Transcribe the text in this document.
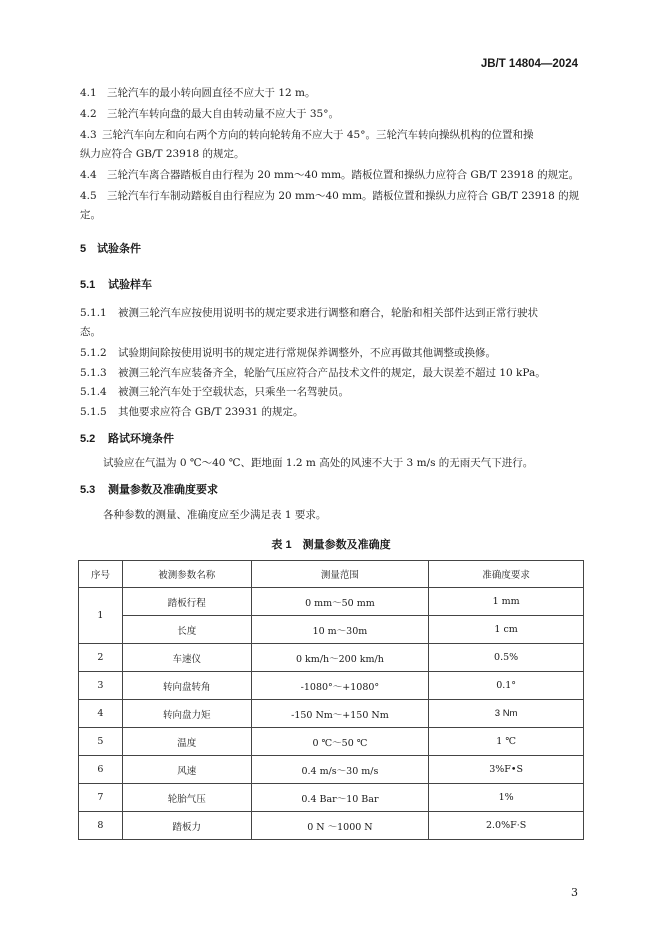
JB/T 14804—2024
4.1 三轮汽车的最小转向圆直径不应大于 12 m。
4.2 三轮汽车转向盘的最大自由转动量不应大于 35°。
4.3 三轮汽车向左和向右两个方向的转向轮转角不应大于 45°。三轮汽车转向操纵机构的位置和操
纵力应符合 GB/T 23918 的规定。
4.4 三轮汽车离合器踏板自由行程为 20 mm～40 mm。踏板位置和操纵力应符合 GB/T 23918 的规定。
4.5 三轮汽车行车制动踏板自由行程应为 20 mm～40 mm。踏板位置和操纵力应符合 GB/T 23918 的规
定。
5 试验条件
5.1 试验样车
5.1.1 被测三轮汽车应按使用说明书的规定要求进行调整和磨合，轮胎和相关部件达到正常行驶状
态。
5.1.2 试验期间除按使用说明书的规定进行常规保养调整外，不应再做其他调整或换修。
5.1.3 被测三轮汽车应装备齐全，轮胎气压应符合产品技术文件的规定，最大误差不超过 10 kPa。
5.1.4 被测三轮汽车处于空载状态，只乘坐一名驾驶员。
5.1.5 其他要求应符合 GB/T 23931 的规定。
5.2 路试环境条件
试验应在气温为 0 ℃～40 ℃、距地面 1.2 m 高处的风速不大于 3 m/s 的无雨天气下进行。
5.3 测量参数及准确度要求
各种参数的测量、准确度应至少满足表 1 要求。
表 1　测量参数及准确度
序号	被测参数名称	测量范围	准确度要求
1	踏板行程	0 mm～50 mm	1 mm
	长度	10 m～30m	1 cm
2	车速仪	0 km/h～200 km/h	0.5%
3	转向盘转角	-1080°～+1080°	0.1°
4	转向盘力矩	-150 Nm～+150 Nm	3 Nm
5	温度	0 ℃～50 ℃	1 ℃
6	风速	0.4 m/s～30 m/s	3%F•S
7	轮胎气压	0.4 Bar～10 Bar	1%
8	踏板力	0 N ～1000 N	2.0%F·S
3
